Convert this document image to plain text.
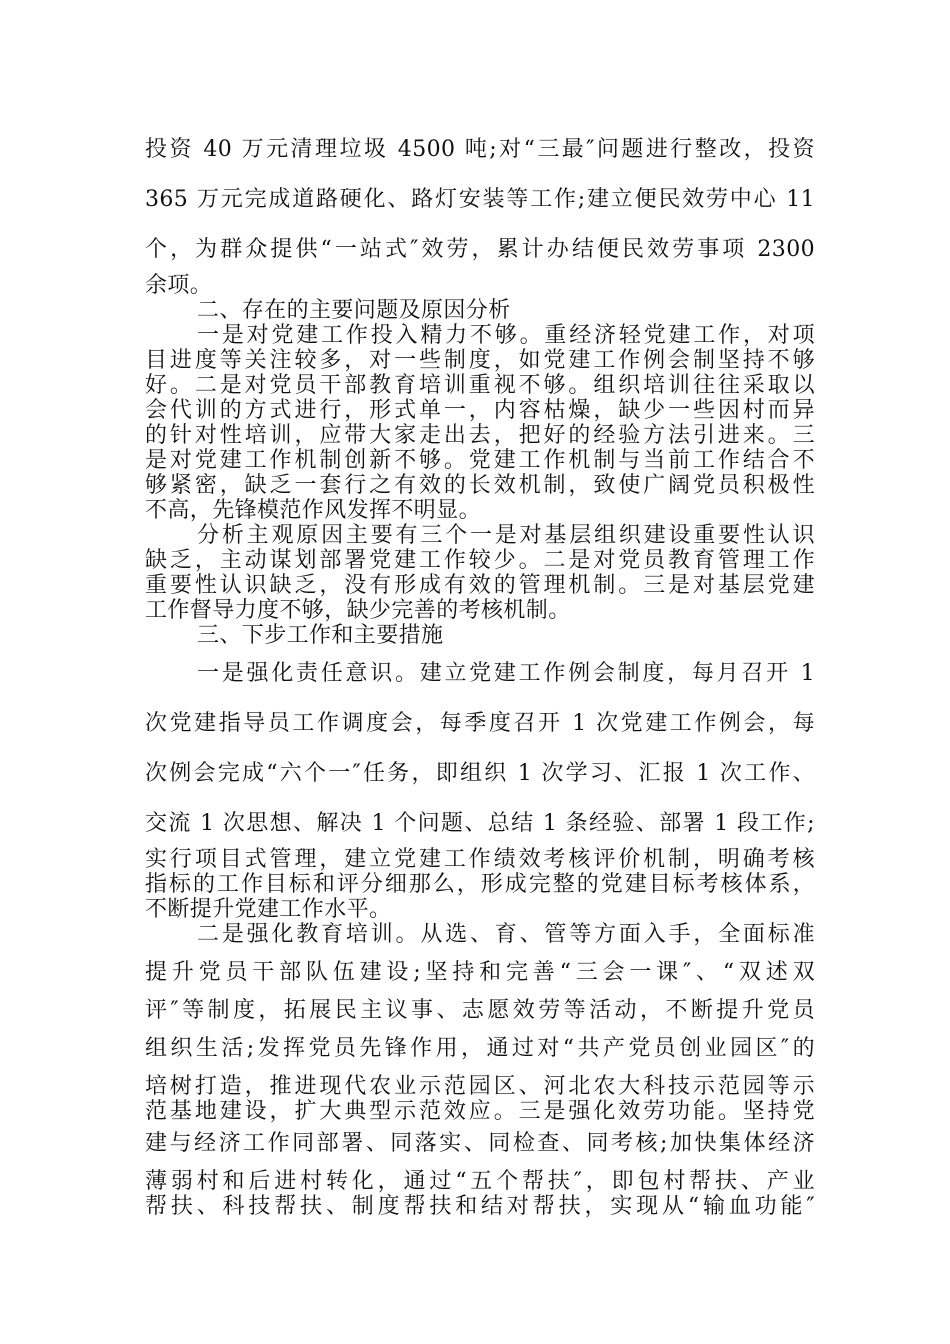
投资 40 万元清理垃圾 4500 吨;对“三最″问题进行整改，投资

365 万元完成道路硬化、路灯安装等工作;建立便民效劳中心 11

个，为群众提供“一站式″效劳，累计办结便民效劳事项 2300

余项。

二、存在的主要问题及原因分析

一是对党建工作投入精力不够。重经济轻党建工作，对项

目进度等关注较多，对一些制度，如党建工作例会制坚持不够

好。二是对党员干部教育培训重视不够。组织培训往往采取以

会代训的方式进行，形式单一，内容枯燥，缺少一些因村而异

的针对性培训，应带大家走出去，把好的经验方法引进来。三

是对党建工作机制创新不够。党建工作机制与当前工作结合不

够紧密，缺乏一套行之有效的长效机制，致使广阔党员积极性

不高，先锋模范作风发挥不明显。

分析主观原因主要有三个一是对基层组织建设重要性认识

缺乏，主动谋划部署党建工作较少。二是对党员教育管理工作

重要性认识缺乏，没有形成有效的管理机制。三是对基层党建

工作督导力度不够，缺少完善的考核机制。

三、下步工作和主要措施

一是强化责任意识。建立党建工作例会制度，每月召开 1

次党建指导员工作调度会，每季度召开 1 次党建工作例会，每

次例会完成“六个一″任务，即组织 1 次学习、汇报 1 次工作、

交流 1 次思想、解决 1 个问题、总结 1 条经验、部署 1 段工作;

实行项目式管理，建立党建工作绩效考核评价机制，明确考核

指标的工作目标和评分细那么，形成完整的党建目标考核体系，

不断提升党建工作水平。

二是强化教育培训。从选、育、管等方面入手，全面标准

提升党员干部队伍建设;坚持和完善“三会一课″、“双述双

评″等制度，拓展民主议事、志愿效劳等活动，不断提升党员

组织生活;发挥党员先锋作用，通过对“共产党员创业园区″的

培树打造，推进现代农业示范园区、河北农大科技示范园等示

范基地建设，扩大典型示范效应。三是强化效劳功能。坚持党

建与经济工作同部署、同落实、同检查、同考核;加快集体经济

薄弱村和后进村转化，通过“五个帮扶″，即包村帮扶、产业

帮扶、科技帮扶、制度帮扶和结对帮扶，实现从“输血功能″
